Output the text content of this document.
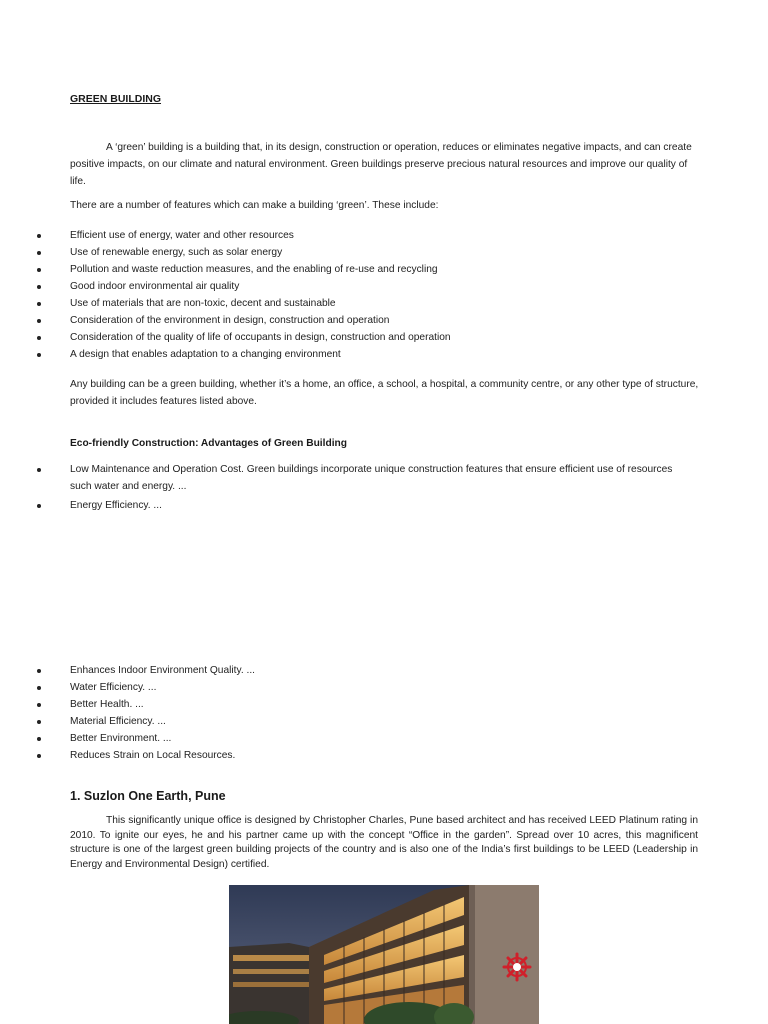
GREEN BUILDING
A ‘green’ building is a building that, in its design, construction or operation, reduces or eliminates negative impacts, and can create positive impacts, on our climate and natural environment. Green buildings preserve precious natural resources and improve our quality of life.
There are a number of features which can make a building ‘green’. These include:
Efficient use of energy, water and other resources
Use of renewable energy, such as solar energy
Pollution and waste reduction measures, and the enabling of re-use and recycling
Good indoor environmental air quality
Use of materials that are non-toxic, decent and sustainable
Consideration of the environment in design, construction and operation
Consideration of the quality of life of occupants in design, construction and operation
A design that enables adaptation to a changing environment
Any building can be a green building, whether it’s a home, an office, a school, a hospital, a community centre, or any other type of structure, provided it includes features listed above.
Eco-friendly Construction: Advantages of Green Building
Low Maintenance and Operation Cost. Green buildings incorporate unique construction features that ensure efficient use of resources such water and energy. ...
Energy Efficiency. ...
Enhances Indoor Environment Quality. ...
Water Efficiency. ...
Better Health. ...
Material Efficiency. ...
Better Environment. ...
Reduces Strain on Local Resources.
1. Suzlon One Earth, Pune
This significantly unique office is designed by Christopher Charles, Pune based architect and has received LEED Platinum rating in 2010. To ignite our eyes, he and his partner came up with the concept “Office in the garden”. Spread over 10 acres, this magnificent structure is one of the largest green building projects of the country and is also one of the India’s first buildings to be LEED (Leadership in Energy and Environmental Design) certified.
